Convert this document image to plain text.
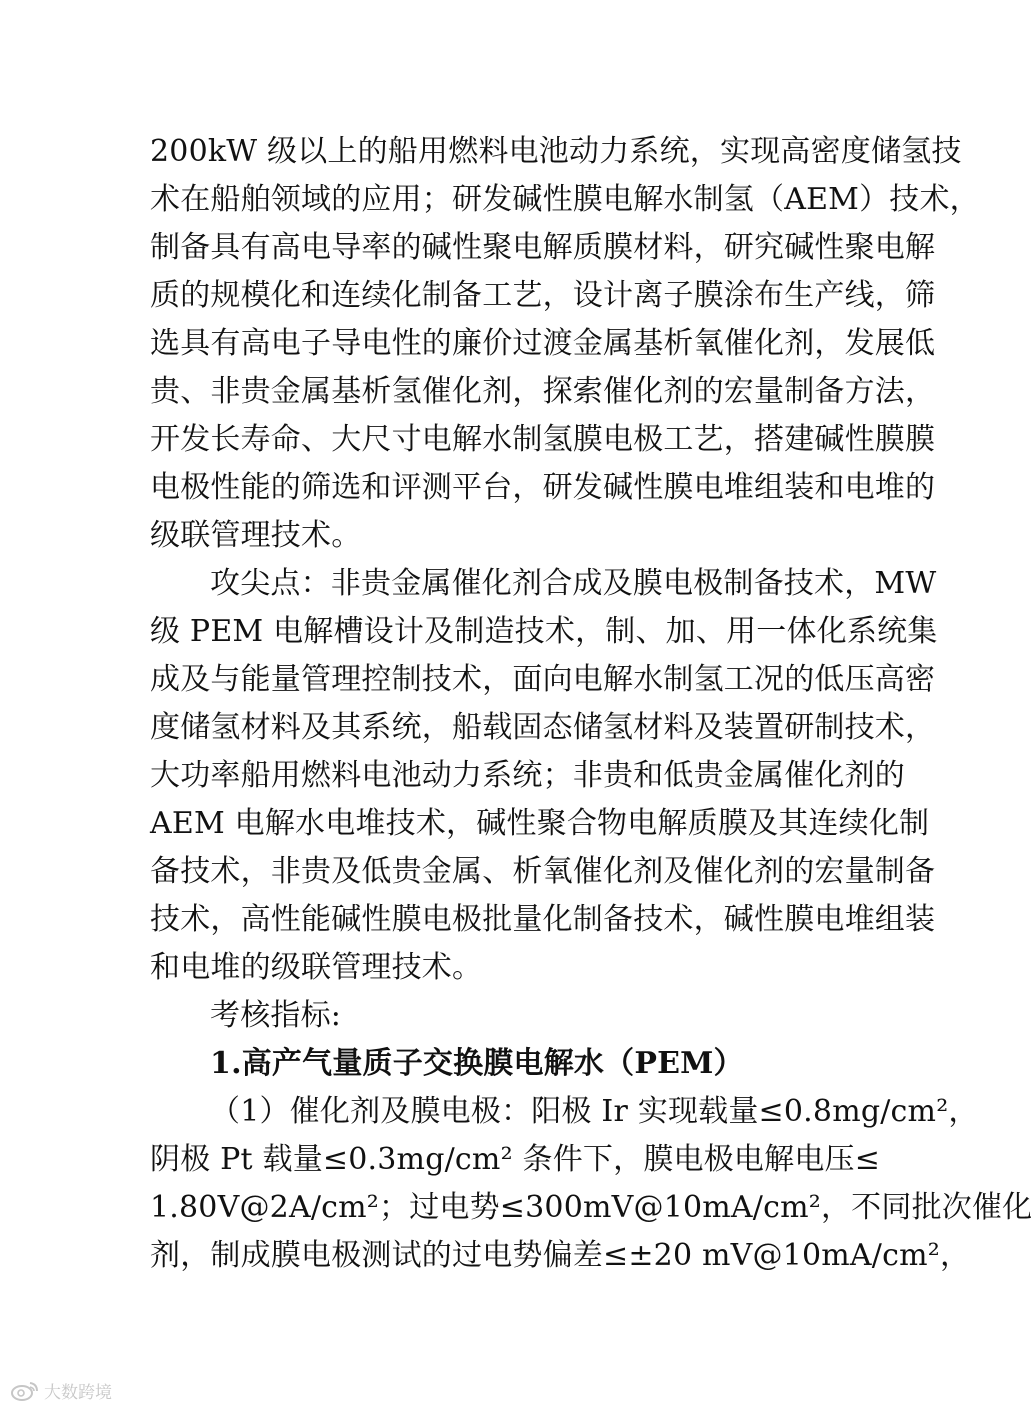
200kW 级以上的船用燃料电池动力系统，实现高密度储氢技
术在船舶领域的应用；研发碱性膜电解水制氢（AEM）技术，
制备具有高电导率的碱性聚电解质膜材料，研究碱性聚电解
质的规模化和连续化制备工艺，设计离子膜涂布生产线，筛
选具有高电子导电性的廉价过渡金属基析氧催化剂，发展低
贵、非贵金属基析氢催化剂，探索催化剂的宏量制备方法，
开发长寿命、大尺寸电解水制氢膜电极工艺，搭建碱性膜膜
电极性能的筛选和评测平台，研发碱性膜电堆组装和电堆的
级联管理技术。
攻尖点：非贵金属催化剂合成及膜电极制备技术，MW
级 PEM 电解槽设计及制造技术，制、加、用一体化系统集
成及与能量管理控制技术，面向电解水制氢工况的低压高密
度储氢材料及其系统，船载固态储氢材料及装置研制技术，
大功率船用燃料电池动力系统；非贵和低贵金属催化剂的
AEM 电解水电堆技术，碱性聚合物电解质膜及其连续化制
备技术，非贵及低贵金属、析氧催化剂及催化剂的宏量制备
技术，高性能碱性膜电极批量化制备技术，碱性膜电堆组装
和电堆的级联管理技术。
考核指标:
1.高产气量质子交换膜电解水（PEM）
（1）催化剂及膜电极：阳极 Ir 实现载量≤0.8mg/cm²，
阴极 Pt 载量≤0.3mg/cm² 条件下，膜电极电解电压≤
1.80V@2A/cm²；过电势≤300mV@10mA/cm²，不同批次催化
剂，制成膜电极测试的过电势偏差≤±20 mV@10mA/cm²，
大数跨境
